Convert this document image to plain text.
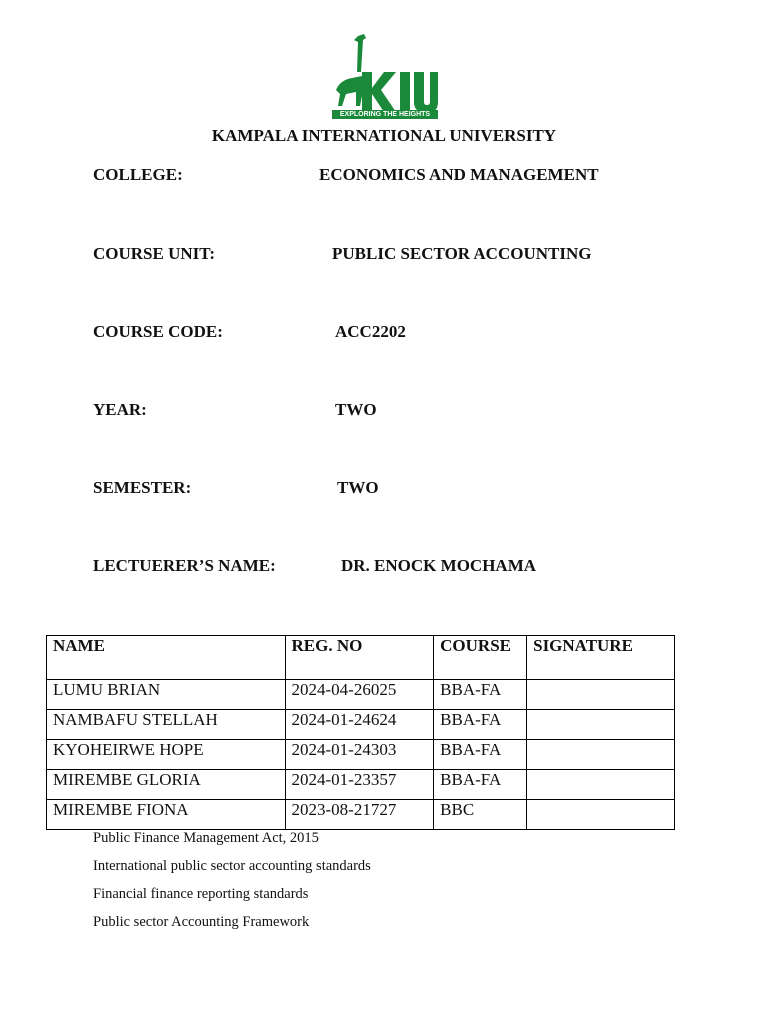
EXPLORING THE HEIGHTS
KAMPALA INTERNATIONAL UNIVERSITY
COLLEGE:	ECONOMICS AND MANAGEMENT
COURSE UNIT:	PUBLIC SECTOR ACCOUNTING
COURSE CODE:	ACC2202
YEAR:	TWO
SEMESTER:	TWO
LECTUERER’S NAME:	DR. ENOCK MOCHAMA
NAME	REG. NO	COURSE	SIGNATURE
LUMU BRIAN	2024-04-26025	BBA-FA	
NAMBAFU STELLAH	2024-01-24624	BBA-FA	
KYOHEIRWE HOPE	2024-01-24303	BBA-FA	
MIREMBE GLORIA	2024-01-23357	BBA-FA	
MIREMBE FIONA	2023-08-21727	BBC	
Public Finance Management Act, 2015
International public sector accounting standards
Financial finance reporting standards
Public sector Accounting Framework
